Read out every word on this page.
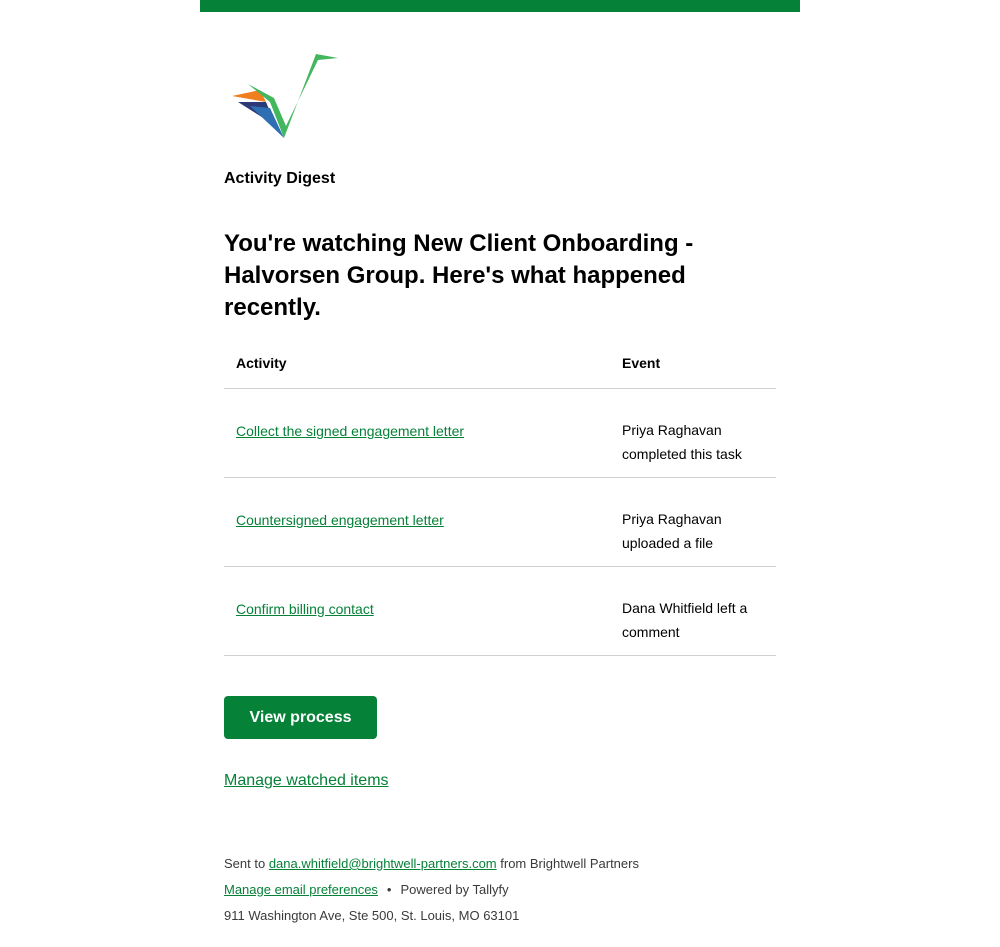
Activity Digest
You're watching New Client Onboarding - Halvorsen Group. Here's what happened recently.
Activity	Event
Collect the signed engagement letter	Priya Raghavan completed this task
Countersigned engagement letter	Priya Raghavan uploaded a file
Confirm billing contact	Dana Whitfield left a comment
View process
Manage watched items
Sent to dana.whitfield@brightwell-partners.com from Brightwell Partners
Manage email preferences • Powered by Tallyfy
911 Washington Ave, Ste 500, St. Louis, MO 63101
